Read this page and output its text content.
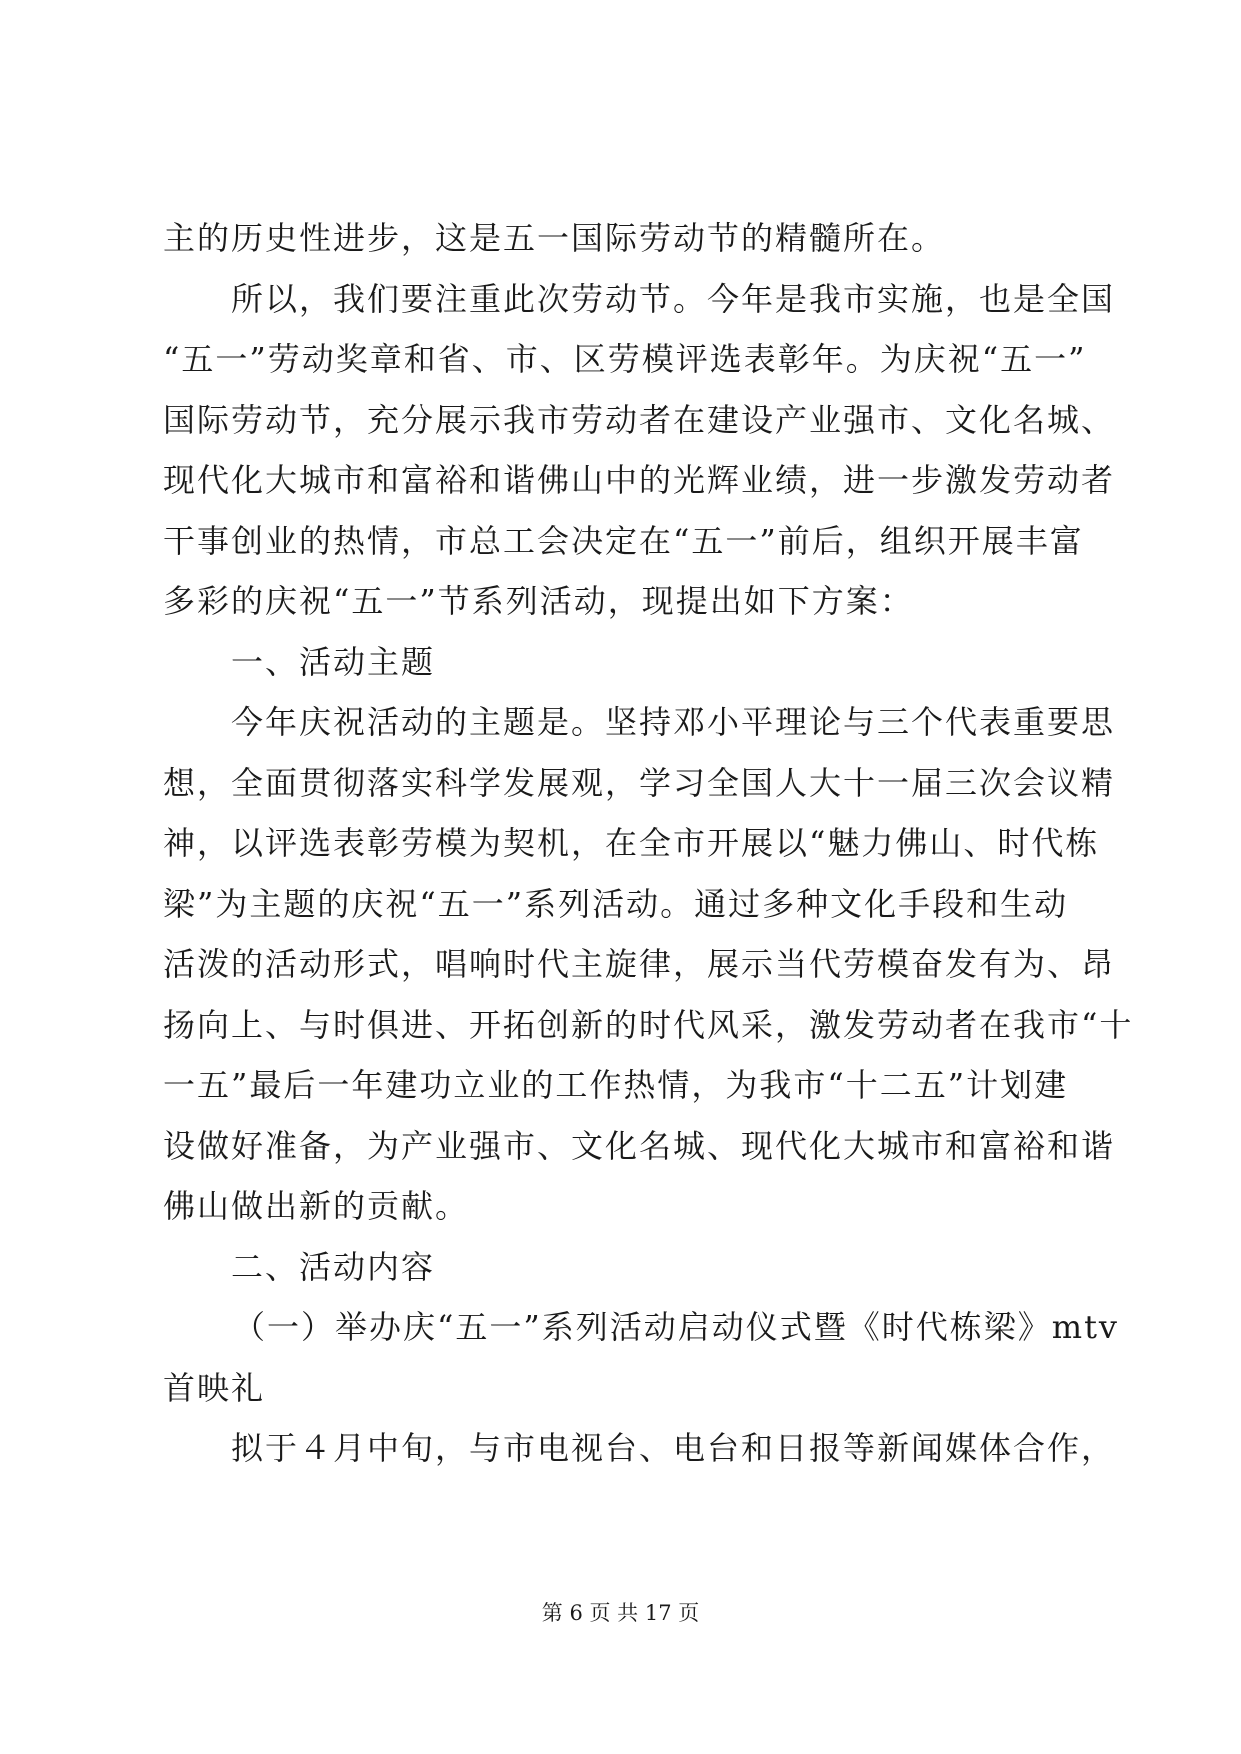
主的历史性进步，这是五一国际劳动节的精髓所在。
所以，我们要注重此次劳动节。今年是我市实施，也是全国
“五一”劳动奖章和省、市、区劳模评选表彰年。为庆祝“五一”
国际劳动节，充分展示我市劳动者在建设产业强市、文化名城、
现代化大城市和富裕和谐佛山中的光辉业绩，进一步激发劳动者
干事创业的热情，市总工会决定在“五一”前后，组织开展丰富
多彩的庆祝“五一”节系列活动，现提出如下方案：
一、活动主题
今年庆祝活动的主题是。坚持邓小平理论与三个代表重要思
想，全面贯彻落实科学发展观，学习全国人大十一届三次会议精
神，以评选表彰劳模为契机，在全市开展以“魅力佛山、时代栋
梁”为主题的庆祝“五一”系列活动。通过多种文化手段和生动
活泼的活动形式，唱响时代主旋律，展示当代劳模奋发有为、昂
扬向上、与时俱进、开拓创新的时代风采，激发劳动者在我市“十
一五”最后一年建功立业的工作热情，为我市“十二五”计划建
设做好准备，为产业强市、文化名城、现代化大城市和富裕和谐
佛山做出新的贡献。
二、活动内容
（一）举办庆“五一”系列活动启动仪式暨《时代栋梁》mtv
首映礼
拟于４月中旬，与市电视台、电台和日报等新闻媒体合作，
第 6 页 共 17 页
